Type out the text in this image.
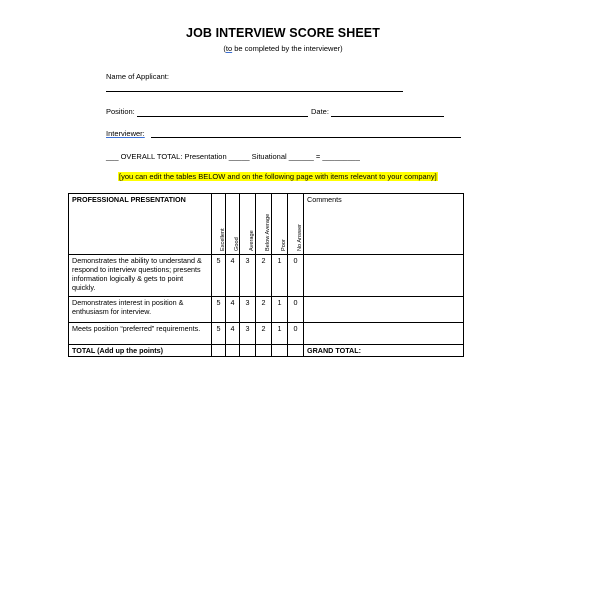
JOB INTERVIEW SCORE SHEET
(to be completed by the interviewer)
Name of Applicant:
Position:	Date:
Interviewer:
___ OVERALL TOTAL: Presentation _____ Situational ______ = _________
[you can edit the tables BELOW and on the following page with items relevant to your company]
PROFESSIONAL PRESENTATION	Excellent	Good	Average	Below Average	Poor	No Answer	Comments
Demonstrates the ability to understand & respond to interview questions; presents information logically & gets to point quickly.	5	4	3	2	1	0	
Demonstrates interest in position & enthusiasm for interview.	5	4	3	2	1	0	
Meets position “preferred” requirements.	5	4	3	2	1	0	
TOTAL (Add up the points)							GRAND TOTAL:
